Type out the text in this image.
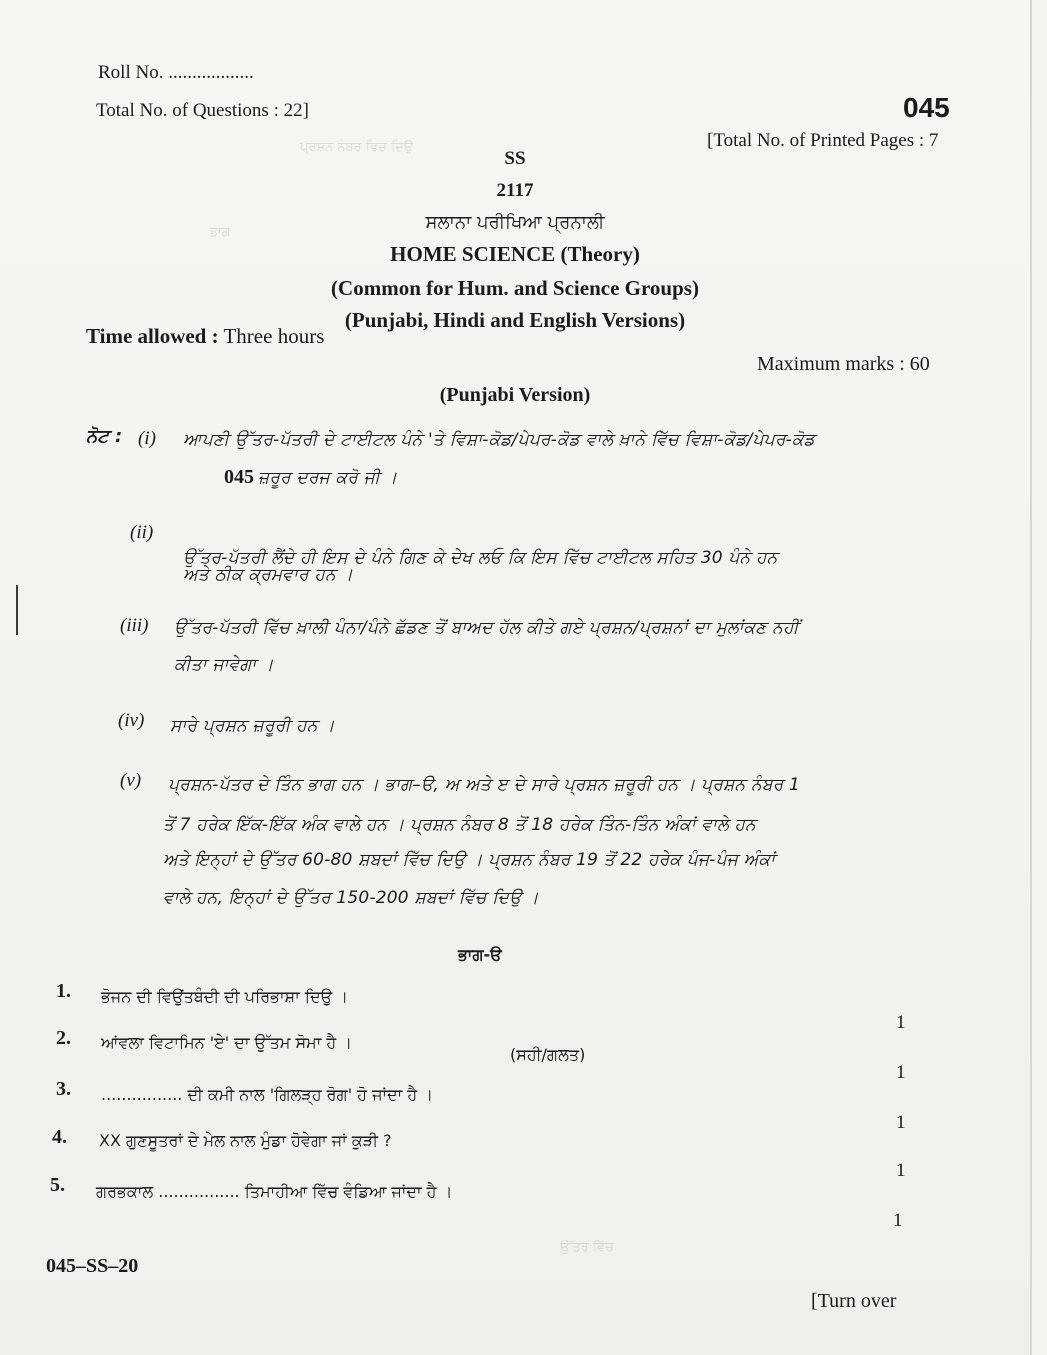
ਪ੍ਰਸ਼ਨ ਨੰਬਰ ਵਿਚ ਦਿਉ
ਭਾਗ
ਉੱਤਰ ਵਿੱਚ
Roll No. ..................
Total No. of Questions : 22]	045
[Total No. of Printed Pages : 7
SS
2117
ਸਲਾਨਾ ਪਰੀਖਿਆ ਪ੍ਰਨਾਲੀ
HOME SCIENCE (Theory)
(Common for Hum. and Science Groups)
(Punjabi, Hindi and English Versions)
Time allowed : Three hours
Maximum marks : 60
(Punjabi Version)
ਨੋਟ : (i) ਆਪਣੀ ਉੱਤਰ-ਪੱਤਰੀ ਦੇ ਟਾਈਟਲ ਪੰਨੇ 'ਤੇ ਵਿਸ਼ਾ-ਕੋਡ/ਪੇਪਰ-ਕੋਡ ਵਾਲੇ ਖ਼ਾਨੇ ਵਿੱਚ ਵਿਸ਼ਾ-ਕੋਡ/ਪੇਪਰ-ਕੋਡ
045 ਜ਼ਰੂਰ ਦਰਜ ਕਰੋ ਜੀ ।
(ii)
ਉੱਤਰ-ਪੱਤਰੀ ਲੈਂਦੇ ਹੀ ਇਸ ਦੇ ਪੰਨੇ ਗਿਣ ਕੇ ਦੇਖ ਲਓ ਕਿ ਇਸ ਵਿੱਚ ਟਾਈਟਲ ਸਹਿਤ 30 ਪੰਨੇ ਹਨ
ਅਤੇ ਠੀਕ ਕ੍ਰਮਵਾਰ ਹਨ ।
(iii) ਉੱਤਰ-ਪੱਤਰੀ ਵਿੱਚ ਖ਼ਾਲੀ ਪੰਨਾ/ਪੰਨੇ ਛੱਡਣ ਤੋਂ ਬਾਅਦ ਹੱਲ ਕੀਤੇ ਗਏ ਪ੍ਰਸ਼ਨ/ਪ੍ਰਸ਼ਨਾਂ ਦਾ ਮੁਲਾਂਕਣ ਨਹੀਂ
ਕੀਤਾ ਜਾਵੇਗਾ ।
(iv) ਸਾਰੇ ਪ੍ਰਸ਼ਨ ਜ਼ਰੂਰੀ ਹਨ ।
(v) ਪ੍ਰਸ਼ਨ-ਪੱਤਰ ਦੇ ਤਿੰਨ ਭਾਗ ਹਨ । ਭਾਗ–ੳ, ਅ ਅਤੇ ੲ ਦੇ ਸਾਰੇ ਪ੍ਰਸ਼ਨ ਜ਼ਰੂਰੀ ਹਨ । ਪ੍ਰਸ਼ਨ ਨੰਬਰ 1
ਤੋਂ 7 ਹਰੇਕ ਇੱਕ-ਇੱਕ ਅੰਕ ਵਾਲੇ ਹਨ । ਪ੍ਰਸ਼ਨ ਨੰਬਰ 8 ਤੋਂ 18 ਹਰੇਕ ਤਿੰਨ-ਤਿੰਨ ਅੰਕਾਂ ਵਾਲੇ ਹਨ
ਅਤੇ ਇਨ੍ਹਾਂ ਦੇ ਉੱਤਰ 60-80 ਸ਼ਬਦਾਂ ਵਿੱਚ ਦਿਉ । ਪ੍ਰਸ਼ਨ ਨੰਬਰ 19 ਤੋਂ 22 ਹਰੇਕ ਪੰਜ-ਪੰਜ ਅੰਕਾਂ
ਵਾਲੇ ਹਨ, ਇਨ੍ਹਾਂ ਦੇ ਉੱਤਰ 150-200 ਸ਼ਬਦਾਂ ਵਿੱਚ ਦਿਉ ।
ਭਾਗ-ੳ
1. ਭੋਜਨ ਦੀ ਵਿਉਂਤਬੰਦੀ ਦੀ ਪਰਿਭਾਸ਼ਾ ਦਿਉ ।
1
2. ਆਂਵਲਾ ਵਿਟਾਮਿਨ 'ਏ' ਦਾ ਉੱਤਮ ਸੋਮਾ ਹੈ ।
(ਸਹੀ/ਗਲਤ)
1
3. ................ ਦੀ ਕਮੀ ਨਾਲ 'ਗਿਲੜ੍ਹ ਰੋਗ' ਹੋ ਜਾਂਦਾ ਹੈ ।
1
4. XX ਗੁਣਸੂਤਰਾਂ ਦੇ ਮੇਲ ਨਾਲ ਮੁੰਡਾ ਹੋਵੇਗਾ ਜਾਂ ਕੁੜੀ ?
1
5. ਗਰਭਕਾਲ ................ ਤਿਮਾਹੀਆ ਵਿੱਚ ਵੰਡਿਆ ਜਾਂਦਾ ਹੈ ।
1
045–SS–20
[Turn over
